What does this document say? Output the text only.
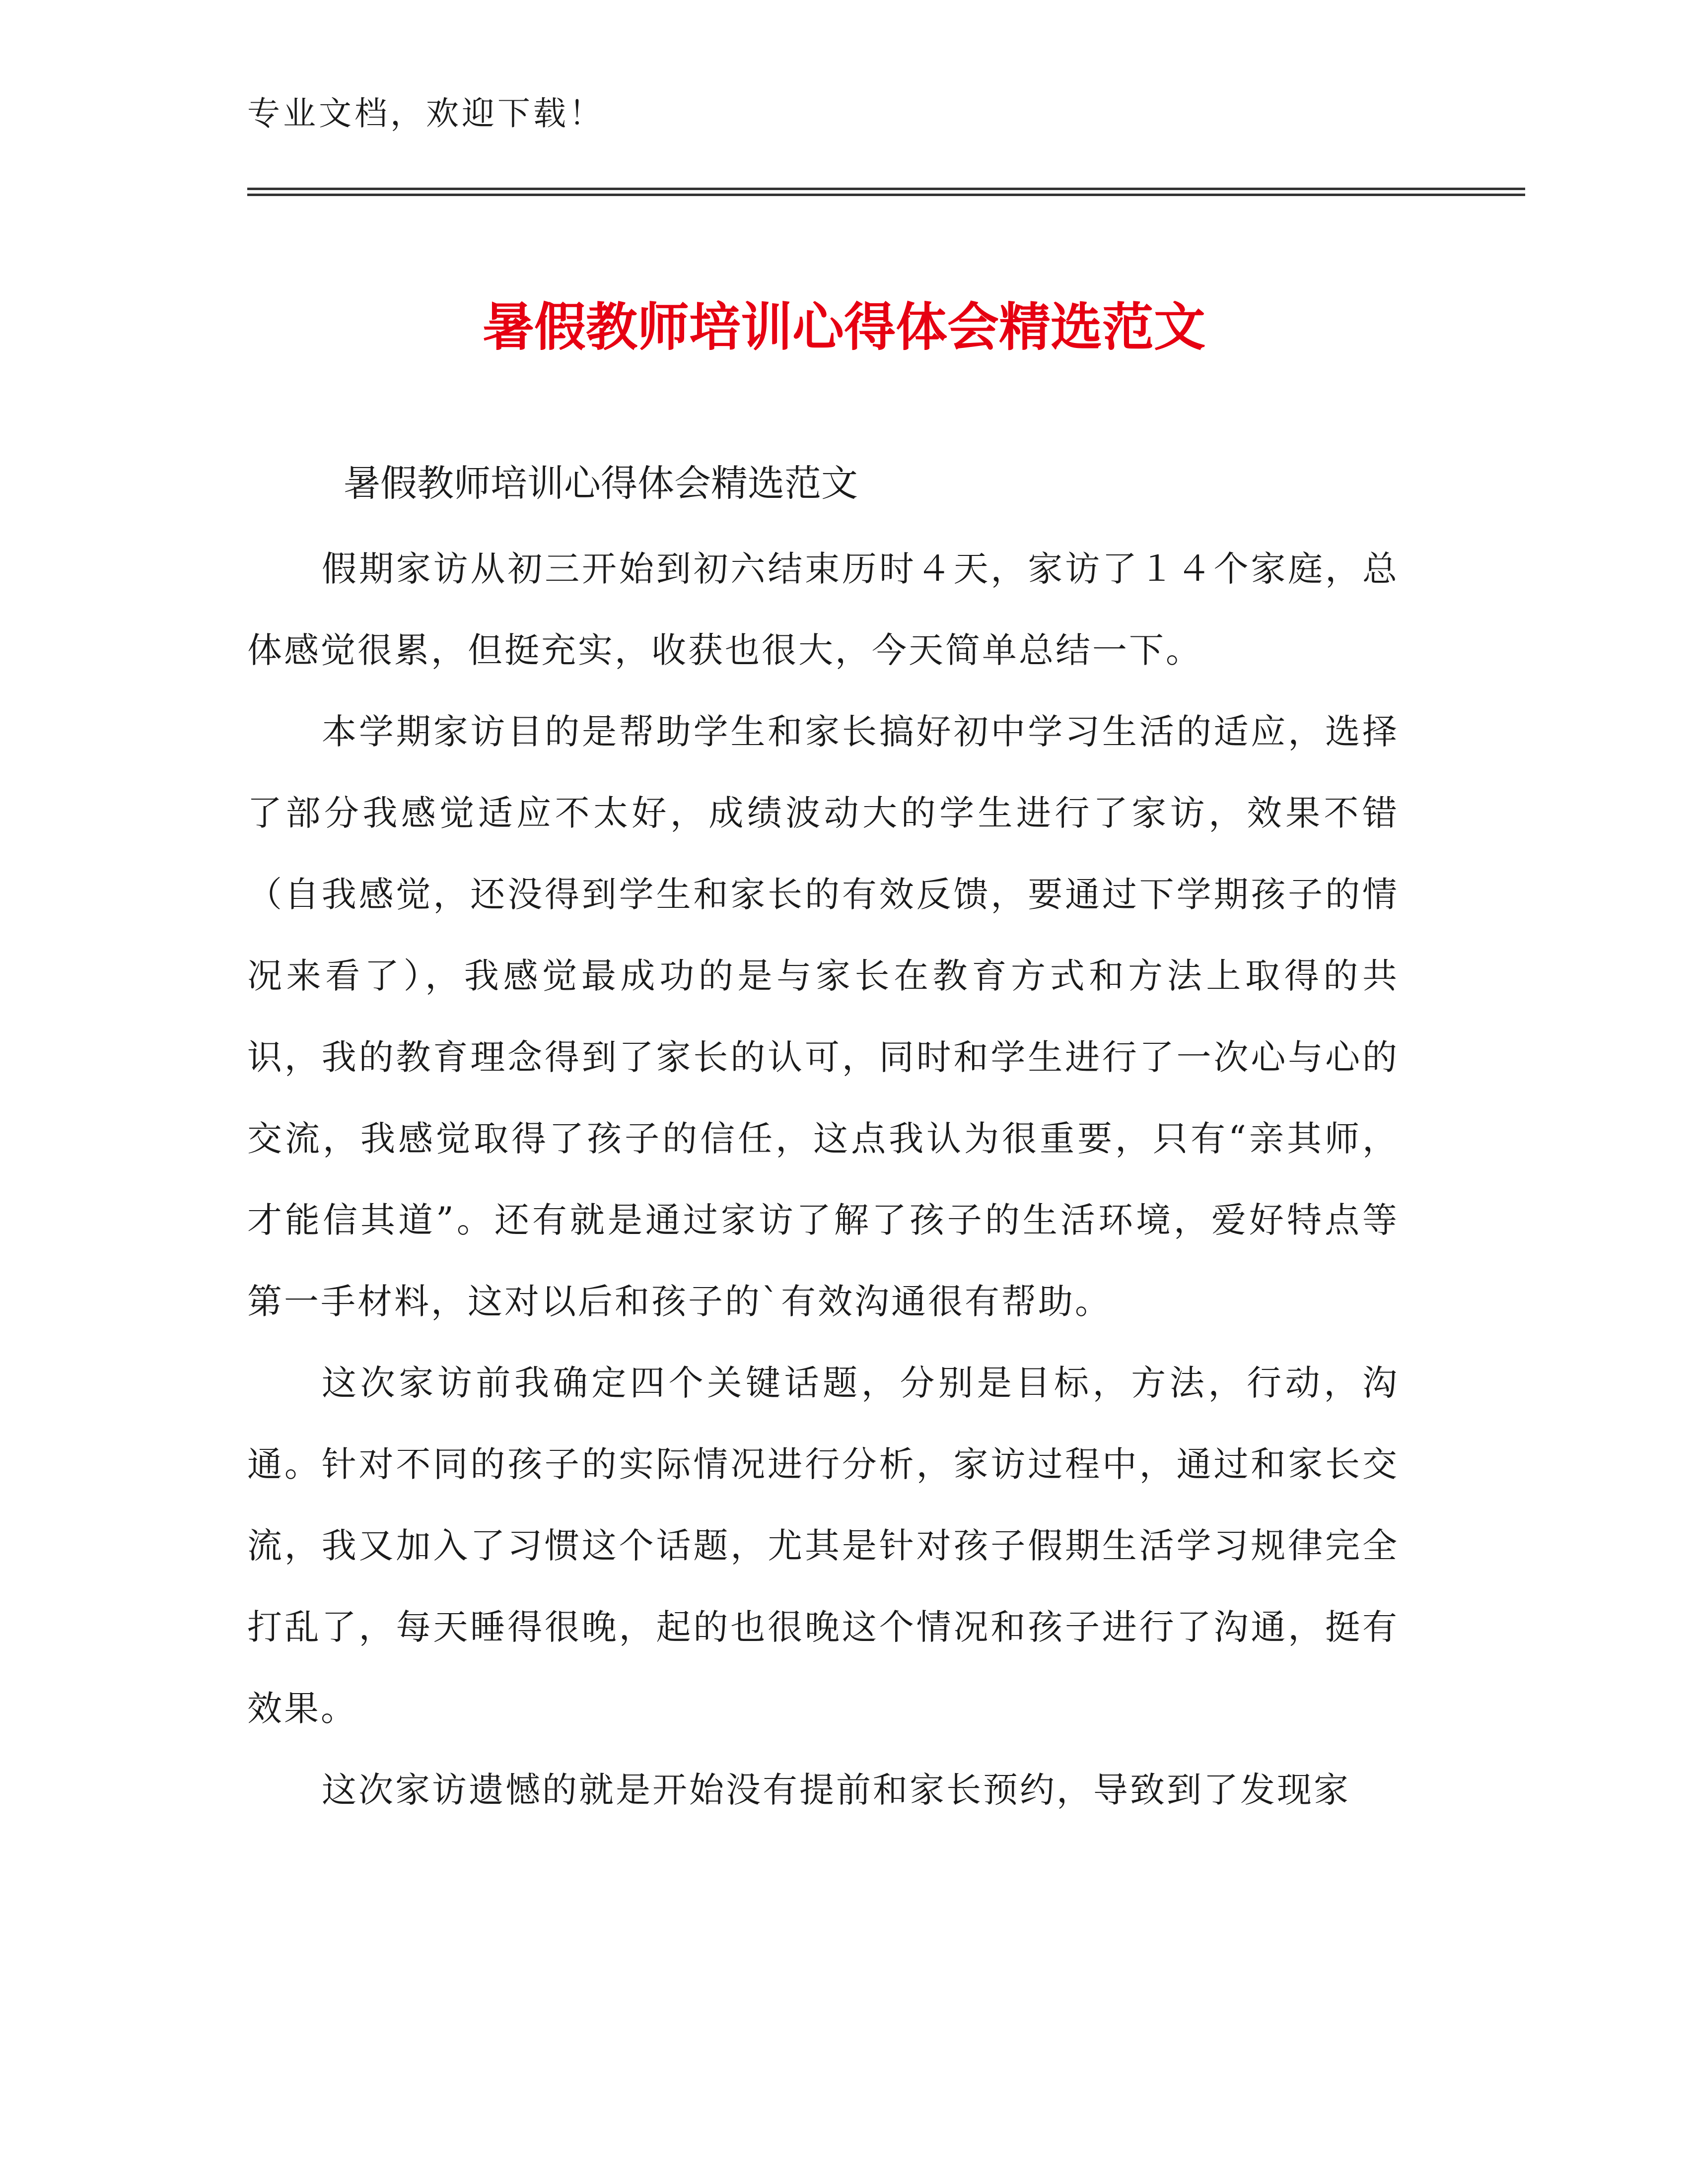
专业文档，欢迎下载！
暑假教师培训心得体会精选范文
暑假教师培训心得体会精选范文

假期家访从初三开始到初六结束历时４天，家访了１４个家庭，总体感觉很累，但挺充实，收获也很大，今天简单总结一下。

本学期家访目的是帮助学生和家长搞好初中学习生活的适应，选择了部分我感觉适应不太好，成绩波动大的学生进行了家访，效果不错（自我感觉，还没得到学生和家长的有效反馈，要通过下学期孩子的情况来看了），我感觉最成功的是与家长在教育方式和方法上取得的共识，我的教育理念得到了家长的认可，同时和学生进行了一次心与心的交流，我感觉取得了孩子的信任，这点我认为很重要，只有“亲其师，才能信其道”。还有就是通过家访了解了孩子的生活环境，爱好特点等第一手材料，这对以后和孩子的`有效沟通很有帮助。

这次家访前我确定四个关键话题，分别是目标，方法，行动，沟通。针对不同的孩子的实际情况进行分析，家访过程中，通过和家长交流，我又加入了习惯这个话题，尤其是针对孩子假期生活学习规律完全打乱了，每天睡得很晚，起的也很晚这个情况和孩子进行了沟通，挺有效果。

这次家访遗憾的就是开始没有提前和家长预约，导致到了发现家
